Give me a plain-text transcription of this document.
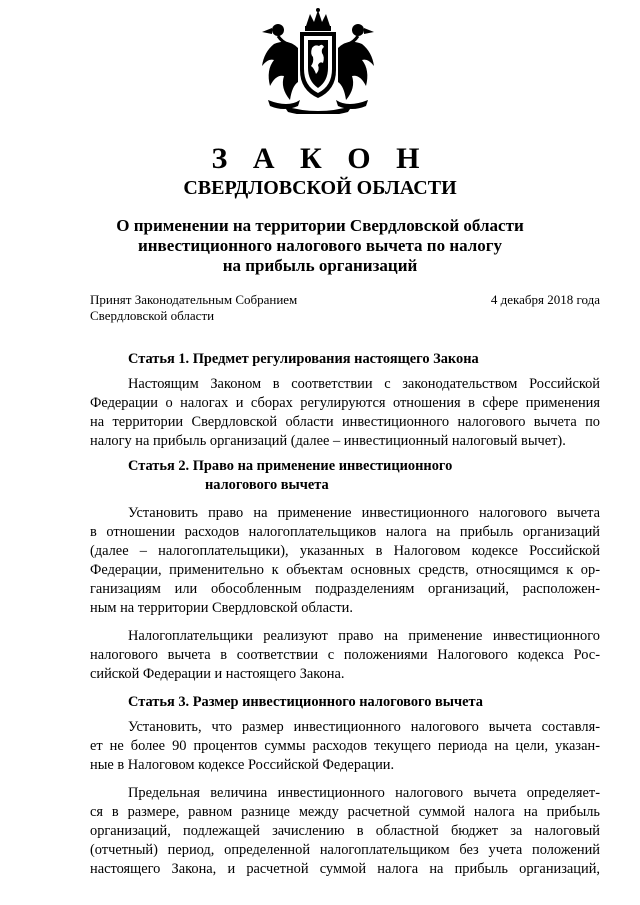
З А К О Н
СВЕРДЛОВСКОЙ ОБЛАСТИ
О применении на территории Свердловской области
инвестиционного налогового вычета по налогу
на прибыль организаций
Принят Законодательным Собранием
Свердловской области
4 декабря 2018 года

Статья 1. Предмет регулирования настоящего Закона

Настоящим Законом в соответствии с законодательством Российской
Федерации о налогах и сборах регулируются отношения в сфере применения
на территории Свердловской области инвестиционного налогового вычета по
налогу на прибыль организаций (далее – инвестиционный налоговый вычет).

Статья 2. Право на применение инвестиционного
налогового вычета

Установить право на применение инвестиционного налогового вычета
в отношении расходов налогоплательщиков налога на прибыль организаций
(далее – налогоплательщики), указанных в Налоговом кодексе Российской
Федерации, применительно к объектам основных средств, относящимся к ор-
ганизациям или обособленным подразделениям организаций, расположен-
ным на территории Свердловской области.

Налогоплательщики реализуют право на применение инвестиционного
налогового вычета в соответствии с положениями Налогового кодекса Рос-
сийской Федерации и настоящего Закона.

Статья 3. Размер инвестиционного налогового вычета

Установить, что размер инвестиционного налогового вычета составля-
ет не более 90 процентов суммы расходов текущего периода на цели, указан-
ные в Налоговом кодексе Российской Федерации.

Предельная величина инвестиционного налогового вычета определяет-
ся в размере, равном разнице между расчетной суммой налога на прибыль
организаций, подлежащей зачислению в областной бюджет за налоговый
(отчетный) период, определенной налогоплательщиком без учета положений
настоящего Закона, и расчетной суммой налога на прибыль организаций,
